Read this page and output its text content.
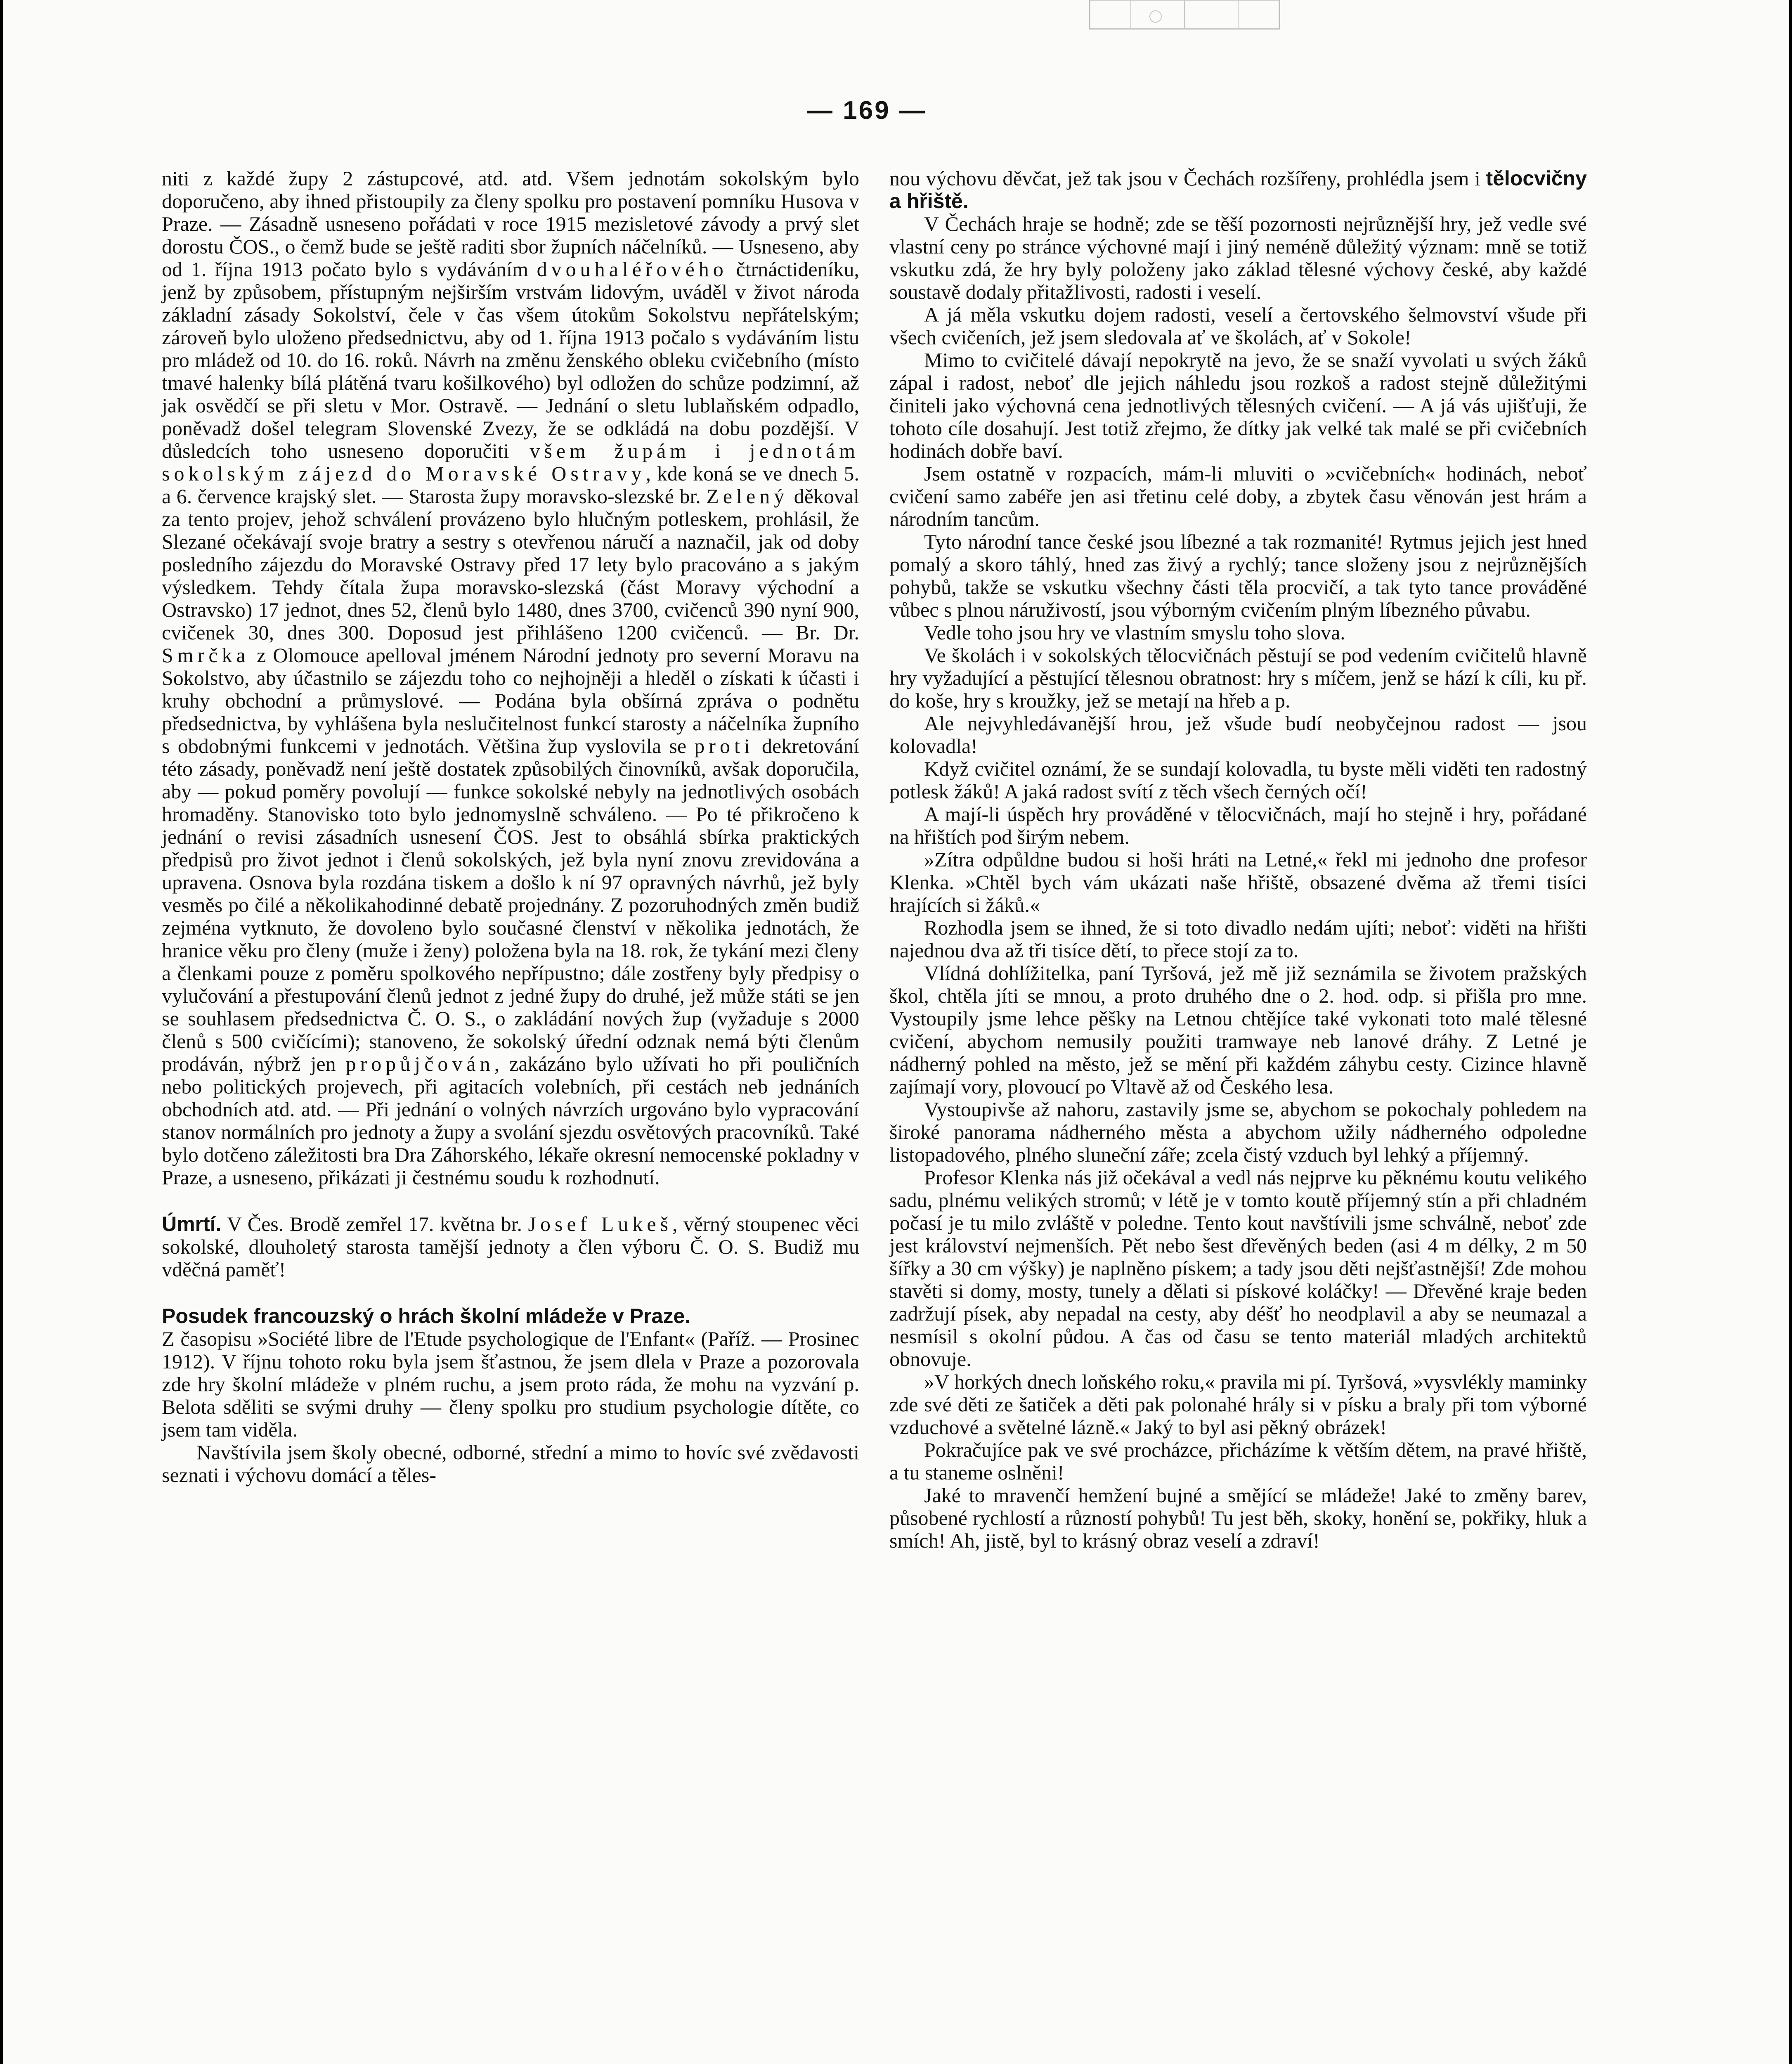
— 169 —

niti z každé župy 2 zástupcové, atd. atd. Všem jednotám sokolským bylo doporučeno, aby ihned přistoupily za členy spolku pro postavení pomníku Husova v Praze. — Zásadně usneseno pořádati v roce 1915 mezisletové závody a prvý slet dorostu ČOS., o čemž bude se ještě raditi sbor župních náčelníků. — Usneseno, aby od 1. října 1913 počato bylo s vydáváním dvouhaléřového čtrnáctideníku, jenž by způsobem, přístupným nejširším vrstvám lidovým, uváděl v život národa základní zásady Sokolství, čele v čas všem útokům Sokolstvu nepřátelským; zároveň bylo uloženo předsednictvu, aby od 1. října 1913 počalo s vydáváním listu pro mládež od 10. do 16. roků. Návrh na změnu ženského obleku cvičebního (místo tmavé halenky bílá plátěná tvaru košilkového) byl odložen do schůze podzimní, až jak osvědčí se při sletu v Mor. Ostravě. — Jednání o sletu lublaňském odpadlo, poněvadž došel telegram Slovenské Zvezy, že se odkládá na dobu pozdější. V důsledcích toho usneseno doporučiti všem župám i jednotám sokolským zájezd do Moravské Ostravy, kde koná se ve dnech 5. a 6. července krajský slet. — Starosta župy moravsko-slezské br. Zelený děkoval za tento projev, jehož schválení provázeno bylo hlučným potleskem, prohlásil, že Slezané očekávají svoje bratry a sestry s otevřenou náručí a naznačil, jak od doby posledního zájezdu do Moravské Ostravy před 17 lety bylo pracováno a s jakým výsledkem. Tehdy čítala župa moravsko-slezská (část Moravy východní a Ostravsko) 17 jednot, dnes 52, členů bylo 1480, dnes 3700, cvičenců 390 nyní 900, cvičenek 30, dnes 300. Doposud jest přihlášeno 1200 cvičenců. — Br. Dr. Smrčka z Olomouce apelloval jménem Národní jednoty pro severní Moravu na Sokolstvo, aby účastnilo se zájezdu toho co nejhojněji a hleděl o získati k účasti i kruhy obchodní a průmyslové. — Podána byla obšírná zpráva o podnětu předsednictva, by vyhlášena byla neslučitelnost funkcí starosty a náčelníka župního s obdobnými funkcemi v jednotách. Většina žup vyslovila se proti dekretování této zásady, poněvadž není ještě dostatek způsobilých činovníků, avšak doporučila, aby — pokud poměry povolují — funkce sokolské nebyly na jednotlivých osobách hromaděny. Stanovisko toto bylo jednomyslně schváleno. — Po té přikročeno k jednání o revisi zásadních usnesení ČOS. Jest to obsáhlá sbírka praktických předpisů pro život jednot i členů sokolských, jež byla nyní znovu zrevidována a upravena. Osnova byla rozdána tiskem a došlo k ní 97 opravných návrhů, jež byly vesměs po čilé a několikahodinné debatě projednány. Z pozoruhodných změn budiž zejména vytknuto, že dovoleno bylo současné členství v několika jednotách, že hranice věku pro členy (muže i ženy) položena byla na 18. rok, že tykání mezi členy a členkami pouze z poměru spolkového nepřípustno; dále zostřeny byly předpisy o vylučování a přestupování členů jednot z jedné župy do druhé, jež může státi se jen se souhlasem předsednictva Č. O. S., o zakládání nových žup (vyžaduje s 2000 členů s 500 cvičícími); stanoveno, že sokolský úřední odznak nemá býti členům prodáván, nýbrž jen propůjčován, zakázáno bylo užívati ho při pouličních nebo politických projevech, při agitacích volebních, při cestách neb jednáních obchodních atd. atd. — Při jednání o volných návrzích urgováno bylo vypracování stanov normálních pro jednoty a župy a svolání sjezdu osvětových pracovníků. Také bylo dotčeno záležitosti bra Dra Záhorského, lékaře okresní nemocenské pokladny v Praze, a usneseno, přikázati ji čestnému soudu k rozhodnutí.

Úmrtí. V Čes. Brodě zemřel 17. května br. Josef Lukeš, věrný stoupenec věci sokolské, dlouholetý starosta tamější jednoty a člen výboru Č. O. S. Budiž mu vděčná paměť!

Posudek francouzský o hrách školní mládeže v Praze.

Z časopisu »Société libre de l'Etude psychologique de l'Enfant« (Paříž. — Prosinec 1912). V říjnu tohoto roku byla jsem šťastnou, že jsem dlela v Praze a pozorovala zde hry školní mládeže v plném ruchu, a jsem proto ráda, že mohu na vyzvání p. Belota sděliti se svými druhy — členy spolku pro studium psychologie dítěte, co jsem tam viděla.

Navštívila jsem školy obecné, odborné, střední a mimo to hovíc své zvědavosti seznati i výchovu domácí a těles-

nou výchovu děvčat, jež tak jsou v Čechách rozšířeny, prohlédla jsem i tělocvičny a hřiště.

V Čechách hraje se hodně; zde se těší pozornosti nejrůznější hry, jež vedle své vlastní ceny po stránce výchovné mají i jiný neméně důležitý význam: mně se totiž vskutku zdá, že hry byly položeny jako základ tělesné výchovy české, aby každé soustavě dodaly přitažlivosti, radosti i veselí.

A já měla vskutku dojem radosti, veselí a čertovského šelmovství všude při všech cvičeních, jež jsem sledovala ať ve školách, ať v Sokole!

Mimo to cvičitelé dávají nepokrytě na jevo, že se snaží vyvolati u svých žáků zápal i radost, neboť dle jejich náhledu jsou rozkoš a radost stejně důležitými činiteli jako výchovná cena jednotlivých tělesných cvičení. — A já vás ujišťuji, že tohoto cíle dosahují. Jest totiž zřejmo, že dítky jak velké tak malé se při cvičebních hodinách dobře baví.

Jsem ostatně v rozpacích, mám-li mluviti o »cvičebních« hodinách, neboť cvičení samo zabéře jen asi třetinu celé doby, a zbytek času věnován jest hrám a národním tancům.

Tyto národní tance české jsou líbezné a tak rozmanité! Rytmus jejich jest hned pomalý a skoro táhlý, hned zas živý a rychlý; tance složeny jsou z nejrůznějších pohybů, takže se vskutku všechny části těla procvičí, a tak tyto tance prováděné vůbec s plnou náruživostí, jsou výborným cvičením plným líbezného půvabu.

Vedle toho jsou hry ve vlastním smyslu toho slova.

Ve školách i v sokolských tělocvičnách pěstují se pod vedením cvičitelů hlavně hry vyžadující a pěstující tělesnou obratnost: hry s míčem, jenž se hází k cíli, ku př. do koše, hry s kroužky, jež se metají na hřeb a p.

Ale nejvyhledávanější hrou, jež všude budí neobyčejnou radost — jsou kolovadla!

Když cvičitel oznámí, že se sundají kolovadla, tu byste měli viděti ten radostný potlesk žáků! A jaká radost svítí z těch všech černých očí!

A mají-li úspěch hry prováděné v tělocvičnách, mají ho stejně i hry, pořádané na hřištích pod širým nebem.

»Zítra odpůldne budou si hoši hráti na Letné,« řekl mi jednoho dne profesor Klenka. »Chtěl bych vám ukázati naše hřiště, obsazené dvěma až třemi tisíci hrajících si žáků.«

Rozhodla jsem se ihned, že si toto divadlo nedám ujíti; neboť: viděti na hřišti najednou dva až tři tisíce dětí, to přece stojí za to.

Vlídná dohlížitelka, paní Tyršová, jež mě již seznámila se životem pražských škol, chtěla jíti se mnou, a proto druhého dne o 2. hod. odp. si přišla pro mne. Vystoupily jsme lehce pěšky na Letnou chtějíce také vykonati toto malé tělesné cvičení, abychom nemusily použiti tramwaye neb lanové dráhy. Z Letné je nádherný pohled na město, jež se mění při každém záhybu cesty. Cizince hlavně zajímají vory, plovoucí po Vltavě až od Českého lesa.

Vystoupivše až nahoru, zastavily jsme se, abychom se pokochaly pohledem na široké panorama nádherného města a abychom užily nádherného odpoledne listopadového, plného sluneční záře; zcela čistý vzduch byl lehký a příjemný.

Profesor Klenka nás již očekával a vedl nás nejprve ku pěknému koutu velikého sadu, plnému velikých stromů; v létě je v tomto koutě příjemný stín a při chladném počasí je tu milo zvláště v poledne. Tento kout navštívili jsme schválně, neboť zde jest království nejmenších. Pět nebo šest dřevěných beden (asi 4 m délky, 2 m 50 šířky a 30 cm výšky) je naplněno pískem; a tady jsou děti nejšťastnější! Zde mohou stavěti si domy, mosty, tunely a dělati si pískové koláčky! — Dřevěné kraje beden zadržují písek, aby nepadal na cesty, aby déšť ho neodplavil a aby se neumazal a nesmísil s okolní půdou. A čas od času se tento materiál mladých architektů obnovuje.

»V horkých dnech loňského roku,« pravila mi pí. Tyršová, »vysvlékly maminky zde své děti ze šatiček a děti pak polonahé hrály si v písku a braly při tom výborné vzduchové a světelné lázně.« Jaký to byl asi pěkný obrázek!

Pokračujíce pak ve své procházce, přicházíme k větším dětem, na pravé hřiště, a tu staneme oslněni!

Jaké to mravenčí hemžení bujné a smějící se mládeže! Jaké to změny barev, působené rychlostí a růzností pohybů! Tu jest běh, skoky, honění se, pokřiky, hluk a smích! Ah, jistě, byl to krásný obraz veselí a zdraví!
